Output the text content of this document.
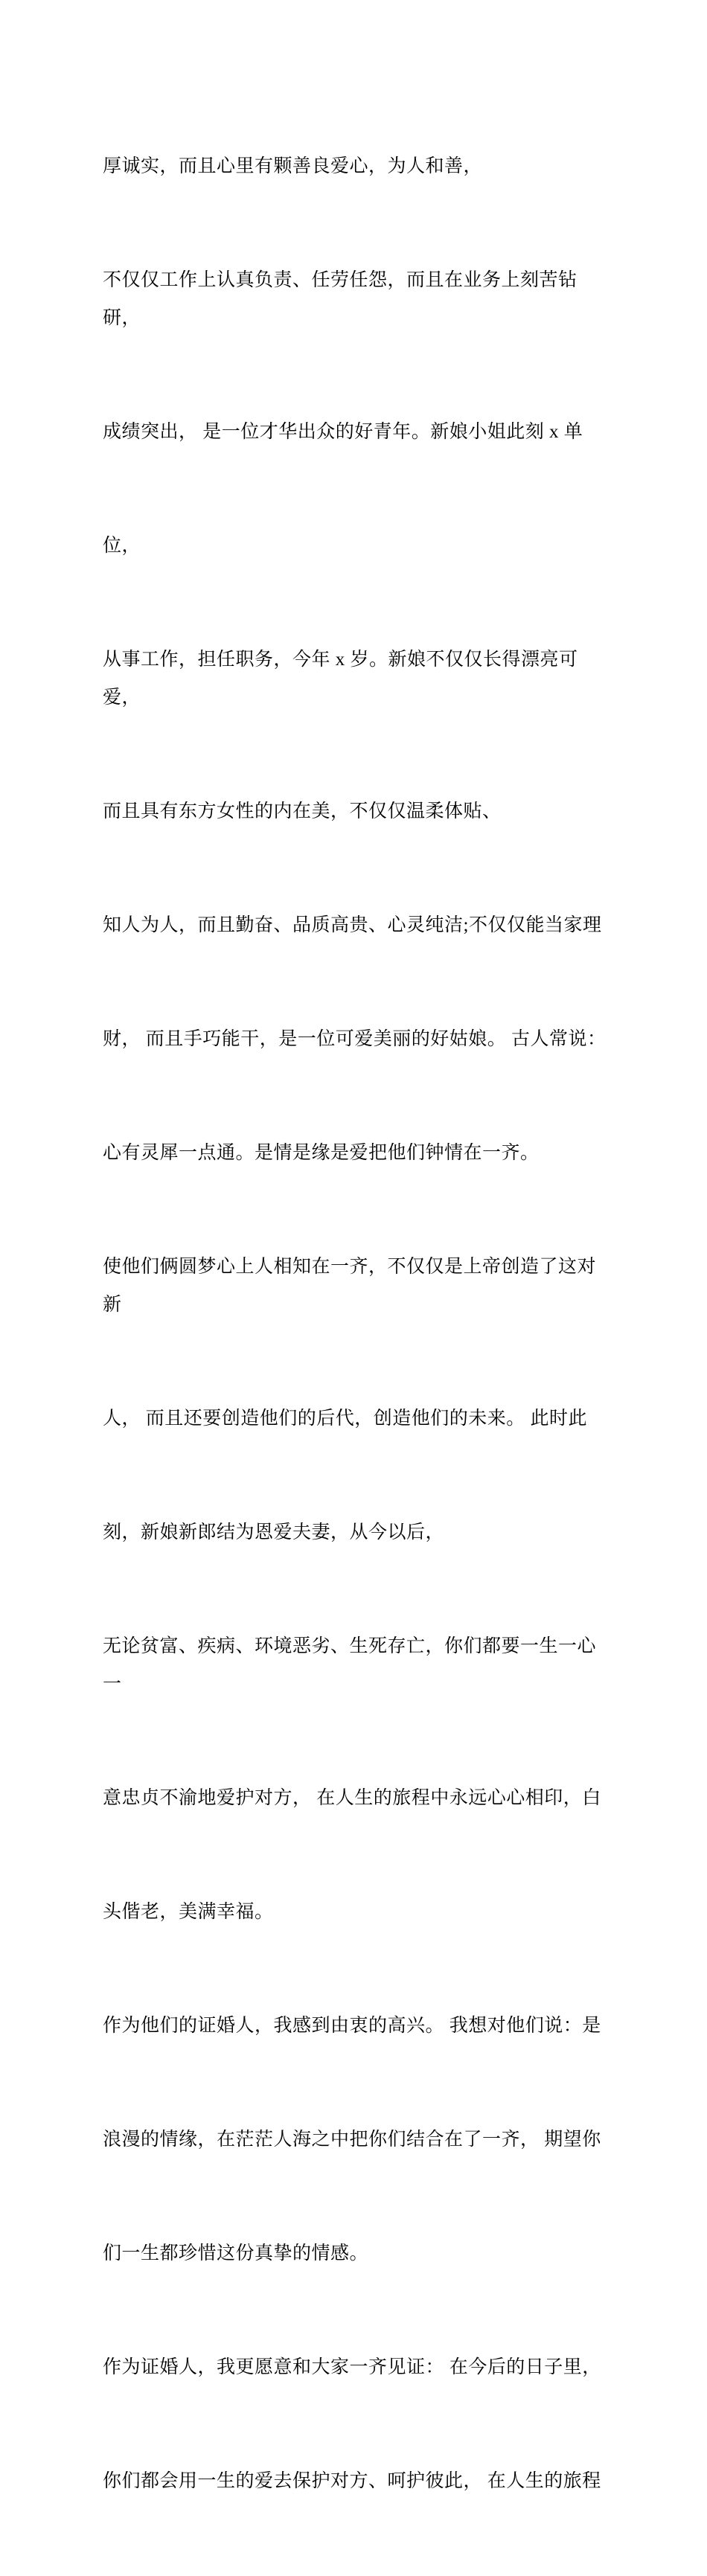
厚诚实，而且心里有颗善良爱心，为人和善，

不仅仅工作上认真负责、任劳任怨，而且在业务上刻苦钻研，

成绩突出， 是一位才华出众的好青年。新娘小姐此刻 x 单

位，

从事工作，担任职务，今年 x 岁。新娘不仅仅长得漂亮可爱，

而且具有东方女性的内在美，不仅仅温柔体贴、

知人为人，而且勤奋、品质高贵、心灵纯洁;不仅仅能当家理

财， 而且手巧能干，是一位可爱美丽的好姑娘。 古人常说：

心有灵犀一点通。是情是缘是爱把他们钟情在一齐。

使他们俩圆梦心上人相知在一齐，不仅仅是上帝创造了这对新

人， 而且还要创造他们的后代，创造他们的未来。 此时此

刻，新娘新郎结为恩爱夫妻，从今以后，

无论贫富、疾病、环境恶劣、生死存亡，你们都要一生一心一

意忠贞不渝地爱护对方， 在人生的旅程中永远心心相印，白

头偕老，美满幸福。

作为他们的证婚人，我感到由衷的高兴。 我想对他们说：是

浪漫的情缘，在茫茫人海之中把你们结合在了一齐， 期望你

们一生都珍惜这份真挚的情感。

作为证婚人，我更愿意和大家一齐见证： 在今后的日子里，

你们都会用一生的爱去保护对方、呵护彼此， 在人生的旅程
